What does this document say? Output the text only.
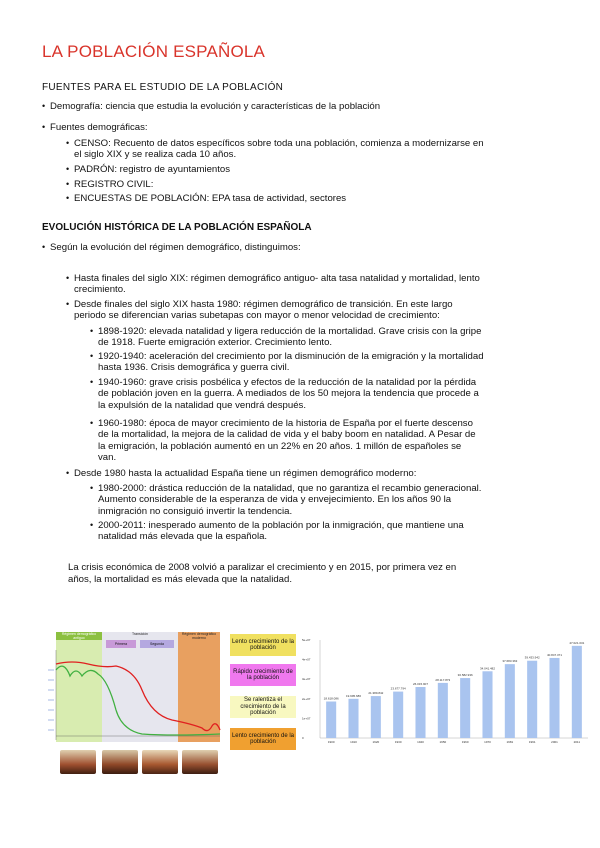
LA POBLACIÓN ESPAÑOLA
FUENTES PARA EL ESTUDIO DE LA POBLACIÓN
• Demografía: ciencia que estudia la evolución y características de la población
• Fuentes demográficas:
• CENSO: Recuento de datos específicos sobre toda una población, comienza a modernizarse en
el siglo XIX y se realiza cada 10 años.
• PADRÓN: registro de ayuntamientos
• REGISTRO CIVIL:
• ENCUESTAS DE POBLACIÓN: EPA tasa de actividad, sectores
EVOLUCIÓN HISTÓRICA DE LA POBLACIÓN ESPAÑOLA
• Según la evolución del régimen demográfico, distinguimos:
• Hasta finales del siglo XIX: régimen demográfico antiguo- alta tasa natalidad y mortalidad, lento
crecimiento.
• Desde finales del siglo XIX hasta 1980: régimen demográfico de transición. En este largo
periodo se diferencian varias subetapas con mayor o menor velocidad de crecimiento:
• 1898-1920: elevada natalidad y ligera reducción de la mortalidad. Grave crisis con la gripe
de 1918. Fuerte emigración exterior. Crecimiento lento.
• 1920-1940: aceleración del crecimiento por la disminución de la emigración y la mortalidad
hasta 1936. Crisis demográfica y guerra civil.
• 1940-1960: grave crisis posbélica y efectos de la reducción de la natalidad por la pérdida
de población joven en la guerra. A mediados de los 50 mejora la tendencia que procede a
la expulsión de la natalidad que vendrá después.
• 1960-1980: época de mayor crecimiento de la historia de España por el fuerte descenso
de la mortalidad, la mejora de la calidad de vida y el baby boom en natalidad. A Pesar de
la emigración, la población aumentó en un 22% en 20 años. 1 millón de españoles se
van.
• Desde 1980 hasta la actualidad España tiene un régimen demográfico moderno:
• 1980-2000: drástica reducción de la natalidad, que no garantiza el recambio generacional.
Aumento considerable de la esperanza de vida y envejecimiento. En los años 90 la
inmigración no consiguió invertir la tendencia.
• 2000-2011: inesperado aumento de la población por la inmigración, que mantiene una
natalidad más elevada que la española.
La crisis económica de 2008 volvió a paralizar el crecimiento y en 2015, por primera vez en
años, la mortalidad es más elevada que la natalidad.
Régimen demográfico antiguo
Transición
Primera	Segunda
Régimen demográfico moderno
Lento crecimiento de la población
Rápido crecimiento de la población
Se ralentiza el crecimiento de la población
Lento crecimiento de la población
5e+07
4e+07
3e+07
2e+07
1e+07
0
18.618.086
1900
19.995.686
1910
21.389.842
1920
23.677.794
1930
26.015.907
1940
28.117.873
1950
30.582.936
1960
34.041.482
1970
37.683.363
1981
39.433.942
1991
40.847.371
2001
47.021.031
2011
